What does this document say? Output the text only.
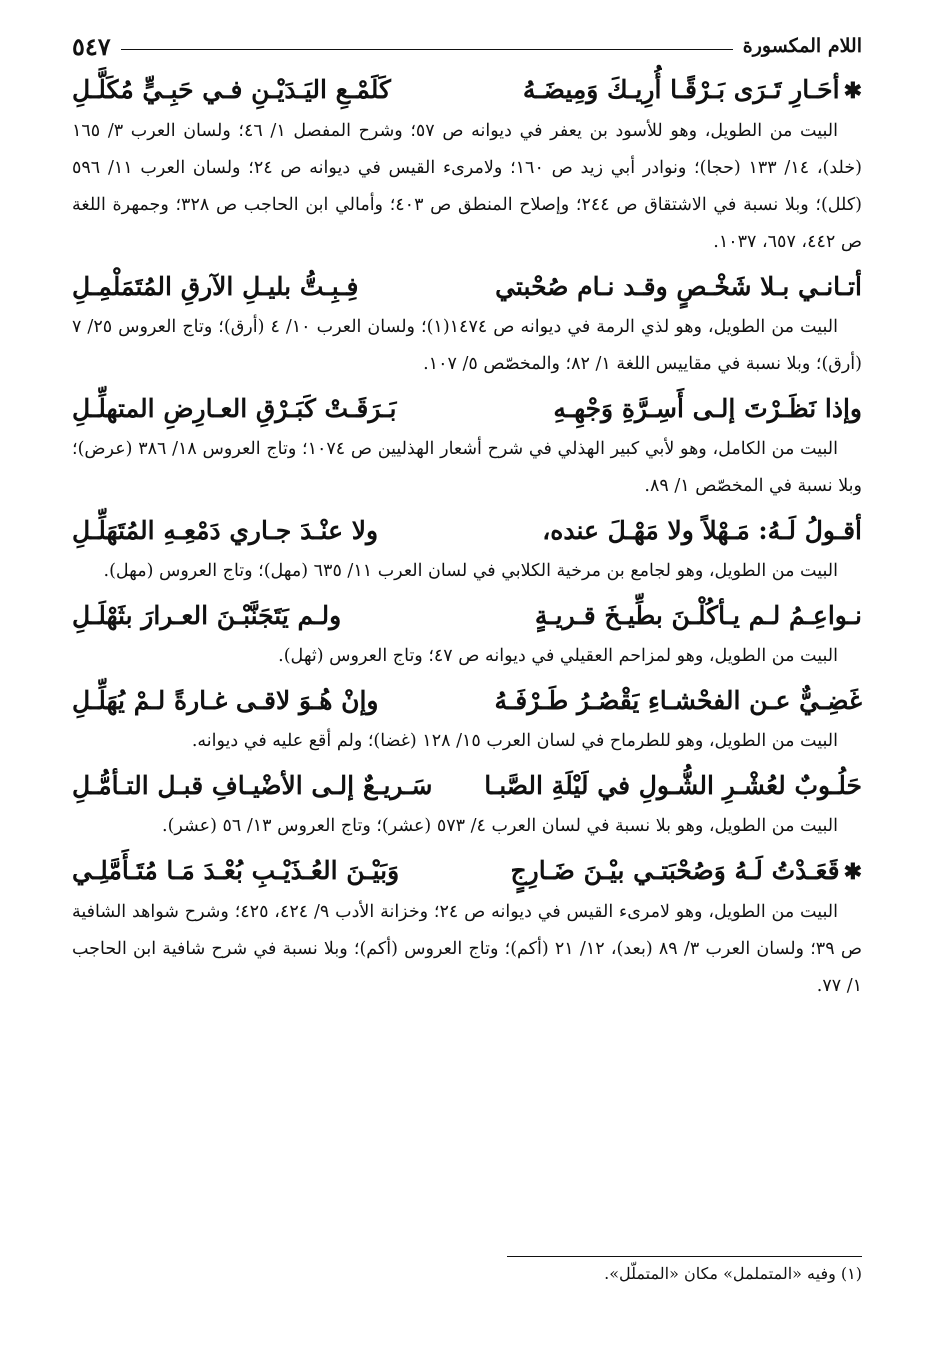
اللام المكسورة
٥٤٧
✱أحَـارِ تَـرَى بَـرْقًـا أُرِيـكَ وَمِيضَـهُ
كَلَمْـعِ اليَـدَيْـنِ فـي حَبِـيٍّ مُكَلَّـلِ

البيت من الطويل، وهو للأسود بن يعفر في ديوانه ص ٥٧؛ وشرح المفصل ١/ ٤٦؛ ولسان العرب ٣/ ١٦٥ (خلد)، ١٤/ ١٣٣ (حجا)؛ ونوادر أبي زيد ص ١٦٠؛ ولامرىء القيس في ديوانه ص ٢٤؛ ولسان العرب ١١/ ٥٩٦ (كلل)؛ وبلا نسبة في الاشتقاق ص ٢٤٤؛ وإصلاح المنطق ص ٤٠٣؛ وأمالي ابن الحاجب ص ٣٢٨؛ وجمهرة اللغة ص ٤٤٢، ٦٥٧، ١٠٣٧.

أتـانـي بـلا شَخْـصٍ وقـد نـام صُحْبتي
فِـبِـتُّ بليـلِ الآرقِ المُتَمَلْمِـلِ

البيت من الطويل، وهو لذي الرمة في ديوانه ص ١٤٧٤(١)؛ ولسان العرب ١٠/ ٤ (أرق)؛ وتاج العروس ٢٥/ ٧ (أرق)؛ وبلا نسبة في مقاييس اللغة ١/ ٨٢؛ والمخصّص ٥/ ١٠٧.

وإذا نَظَـرْتَ إلـى أَسِـرَّةِ وَجْهِـهِ
بَـرَقَـتْ كَبَـرْقِ العـارِضِ المتهلِّـلِ

البيت من الكامل، وهو لأبي كبير الهذلي في شرح أشعار الهذليين ص ١٠٧٤؛ وتاج العروس ١٨/ ٣٨٦ (عرض)؛ وبلا نسبة في المخصّص ١/ ٨٩.

أقـولُ لَـهُ: مَـهْلاً ولا مَهْـلَ عنده،
ولا عنْـدَ جـاري دَمْعِـهِ المُتَهَلِّـلِ

البيت من الطويل، وهو لجامع بن مرخية الكلابي في لسان العرب ١١/ ٦٣٥ (مهل)؛ وتاج العروس (مهل).

نـواعِـمُ لـم يـأكُلْـنَ بطِّيـخَ قـريـةٍ
ولـم يَتَجَنَّبْـنَ العـرارَ بثَهْلَـلِ

البيت من الطويل، وهو لمزاحم العقيلي في ديوانه ص ٤٧؛ وتاج العروس (ثهل).

غَضِـيٌّ عـن الفحْشـاءِ يَقْصُـرُ طَـرْفَـهُ
وإنْ هُـوَ لاقـى غـارةً لـمْ يُهَلِّـلِ

البيت من الطويل، وهو للطرماح في لسان العرب ١٥/ ١٢٨ (غضا)؛ ولم أقع عليه في ديوانه.

حَلُـوبٌ لعُشْـرِ الشُّـولِ في لَيْلَةِ الصَّبـا
سَـريـعٌ إلـى الأضْيـافِ قبـل التـأمُّـلِ

البيت من الطويل، وهو بلا نسبة في لسان العرب ٤/ ٥٧٣ (عشر)؛ وتاج العروس ١٣/ ٥٦ (عشر).

✱قَعَـدْتُ لَـهُ وَصُحْبَتـي بيْـنَ ضَـارِجٍ
وَبَيْـنَ العُـذَيْـبِ بُعْـدَ مَـا مُتَـأَمَّلِـي

البيت من الطويل، وهو لامرىء القيس في ديوانه ص ٢٤؛ وخزانة الأدب ٩/ ٤٢٤، ٤٢٥؛ وشرح شواهد الشافية ص ٣٩؛ ولسان العرب ٣/ ٨٩ (بعد)، ١٢/ ٢١ (أكم)؛ وتاج العروس (أكم)؛ وبلا نسبة في شرح شافية ابن الحاجب ١/ ٧٧.

(١) وفيه «المتململ» مكان «المتملّل».
